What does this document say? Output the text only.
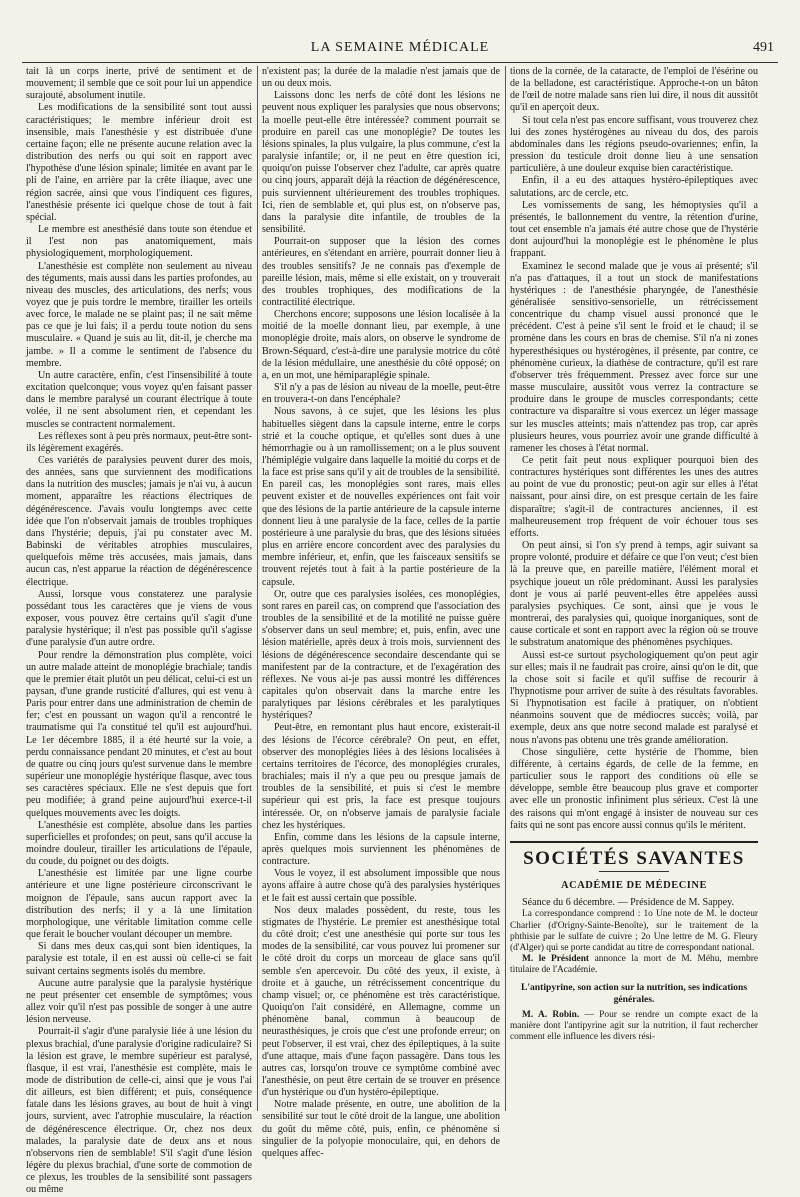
LA SEMAINE MÉDICALE	491

tait là un corps inerte, privé de sentiment et de mouvement; il semble que ce soit pour lui un appendice surajouté, absolument inutile.

Les modifications de la sensibilité sont tout aussi caractéristiques; le membre inférieur droit est insensible, mais l'anesthésie y est distribuée d'une certaine façon; elle ne présente aucune relation avec la distribution des nerfs ou qui soit en rapport avec l'hypothèse d'une lésion spinale; limitée en avant par le pli de l'aine, en arrière par la crête iliaque, avec une région sacrée, ainsi que vous l'indiquent ces figures, l'anesthésie présente ici quelque chose de tout à fait spécial.

Le membre est anesthésié dans toute son étendue et il l'est non pas anatomiquement, mais physiologiquement, morphologiquement.

L'anesthésie est complète non seulement au niveau des téguments, mais aussi dans les parties profondes, au niveau des muscles, des articulations, des nerfs; vous voyez que je puis tordre le membre, tirailler les orteils avec force, le malade ne se plaint pas; il ne sait même pas ce que je lui fais; il a perdu toute notion du sens musculaire. « Quand je suis au lit, dit-il, je cherche ma jambe. » Il a comme le sentiment de l'absence du membre.

Un autre caractère, enfin, c'est l'insensibilité à toute excitation quelconque; vous voyez qu'en faisant passer dans le membre paralysé un courant électrique à toute volée, il ne sent absolument rien, et cependant les muscles se contractent normalement.

Les réflexes sont à peu près normaux, peut-être sont-ils légèrement exagérés.

Ces variétés de paralysies peuvent durer des mois, des années, sans que surviennent des modifications dans la nutrition des muscles; jamais je n'ai vu, à aucun moment, apparaître les réactions électriques de dégénérescence. J'avais voulu longtemps avec cette idée que l'on n'observait jamais de troubles trophiques dans l'hystérie; depuis, j'ai pu constater avec M. Babinski de véritables atrophies musculaires, quelquefois même très accusées, mais jamais, dans aucun cas, n'est apparue la réaction de dégénérescence électrique.

Aussi, lorsque vous constaterez une paralysie possédant tous les caractères que je viens de vous exposer, vous pouvez être certains qu'il s'agit d'une paralysie hystérique; il n'est pas possible qu'il s'agisse d'une paralysie d'un autre ordre.

Pour rendre la démonstration plus complète, voici un autre malade atteint de monoplégie brachiale; tandis que le premier était plutôt un peu délicat, celui-ci est un paysan, d'une grande rusticité d'allures, qui est venu à Paris pour entrer dans une administration de chemin de fer; c'est en poussant un wagon qu'il a rencontré le traumatisme qui l'a constitué tel qu'il est aujourd'hui. Le 1er décembre 1885, il a été heurté sur la voie, a perdu connaissance pendant 20 minutes, et c'est au bout de quatre ou cinq jours qu'est survenue dans le membre supérieur une monoplégie hystérique flasque, avec tous ses caractères spéciaux. Elle ne s'est depuis que fort peu modifiée; à grand peine aujourd'hui exerce-t-il quelques mouvements avec les doigts.

L'anesthésie est complète, absolue dans les parties superficielles et profondes; on peut, sans qu'il accuse la moindre douleur, tirailler les articulations de l'épaule, du coude, du poignet ou des doigts.

L'anesthésie est limitée par une ligne courbe antérieure et une ligne postérieure circonscrivant le moignon de l'épaule, sans aucun rapport avec la distribution des nerfs; il y a là une limitation morphologique, une véritable limitation comme celle que ferait le boucher voulant découper un membre.

Si dans mes deux cas,qui sont bien identiques, la paralysie est totale, il en est aussi où celle-ci se fait suivant certains segments isolés du membre.

Aucune autre paralysie que la paralysie hystérique ne peut présenter cet ensemble de symptômes; vous allez voir qu'il n'est pas possible de songer à une autre lésion nerveuse.

Pourrait-il s'agir d'une paralysie liée à une lésion du plexus brachial, d'une paralysie d'origine radiculaire? Si la lésion est grave, le membre supérieur est paralysé, flasque, il est vrai, l'anesthésie est complète, mais le mode de distribution de celle-ci, ainsi que je vous l'ai dit ailleurs, est bien différent; et puis, conséquence fatale dans les lésions graves, au bout de huit à vingt jours, survient, avec l'atrophie musculaire, la réaction de dégénérescence électrique. Or, chez nos deux malades, la paralysie date de deux ans et nous n'observons rien de semblable! S'il s'agit d'une lésion légère du plexus brachial, d'une sorte de commotion de ce plexus, les troubles de la sensibilité sont passagers ou même

n'existent pas; la durée de la maladie n'est jamais que de un ou deux mois.

Laissons donc les nerfs de côté dont les lésions ne peuvent nous expliquer les paralysies que nous observons; la moelle peut-elle être intéressée? comment pourrait se produire en pareil cas une monoplégie? De toutes les lésions spinales, la plus vulgaire, la plus commune, c'est la paralysie infantile; or, il ne peut en être question ici, quoiqu'on puisse l'observer chez l'adulte, car après quatre ou cinq jours, apparaît déjà la réaction de dégénérescence, puis surviennent ultérieurement des troubles trophiques. Ici, rien de semblable et, qui plus est, on n'observe pas, dans la paralysie dite infantile, de troubles de la sensibilité.

Pourrait-on supposer que la lésion des cornes antérieures, en s'étendant en arrière, pourrait donner lieu à des troubles sensitifs? Je ne connais pas d'exemple de pareille lésion, mais, même si elle existait, on y trouverait des troubles trophiques, des modifications de la contractilité électrique.

Cherchons encore; supposons une lésion localisée à la moitié de la moelle donnant lieu, par exemple, à une monoplégie droite, mais alors, on observe le syndrome de Brown-Séquard, c'est-à-dire une paralysie motrice du côté de la lésion médullaire, une anesthésie du côté opposé; on a, en un mot, une hémiparaplégie spinale.

S'il n'y a pas de lésion au niveau de la moelle, peut-être en trouvera-t-on dans l'encéphale?

Nous savons, à ce sujet, que les lésions les plus habituelles siègent dans la capsule interne, entre le corps strié et la couche optique, et qu'elles sont dues à une hémorrhagie ou à un ramollissement; on a le plus souvent l'hémiplégie vulgaire dans laquelle la moitié du corps et de la face est prise sans qu'il y ait de troubles de la sensibilité. En pareil cas, les monoplégies sont rares, mais elles peuvent exister et de nouvelles expériences ont fait voir que des lésions de la partie antérieure de la capsule interne donnent lieu à une paralysie de la face, celles de la partie postérieure à une paralysie du bras, que des lésions situées plus en arrière encore concordent avec des paralysies du membre inférieur, et, enfin, que les faisceaux sensitifs se trouvent rejetés tout à fait à la partie postérieure de la capsule.

Or, outre que ces paralysies isolées, ces monoplégies, sont rares en pareil cas, on comprend que l'association des troubles de la sensibilité et de la motilité ne puisse guère s'observer dans un seul membre; et, puis, enfin, avec une lésion matérielle, après deux à trois mois, surviennent des lésions de dégénérescence secondaire descendante qui se manifestent par de la contracture, et de l'exagération des réflexes. Ne vous ai-je pas aussi montré les différences capitales qu'on observait dans la marche entre les paralytiques par lésions cérébrales et les paralytiques hystériques?

Peut-être, en remontant plus haut encore, existerait-il des lésions de l'écorce cérébrale? On peut, en effet, observer des monoplégies liées à des lésions localisées à certains territoires de l'écorce, des monoplégies crurales, brachiales; mais il n'y a que peu ou presque jamais de troubles de la sensibilité, et puis si c'est le membre supérieur qui est pris, la face est presque toujours intéressée. Or, on n'observe jamais de paralysie faciale chez les hystériques.

Enfin, comme dans les lésions de la capsule interne, après quelques mois surviennent les phénomènes de contracture.

Vous le voyez, il est absolument impossible que nous ayons affaire à autre chose qu'à des paralysies hystériques et le fait est aussi certain que possible.

Nos deux malades possèdent, du reste, tous les stigmates de l'hystérie. Le premier est anesthésique total du côté droit; c'est une anesthésie qui porte sur tous les modes de la sensibilité, car vous pouvez lui promener sur le côté droit du corps un morceau de glace sans qu'il semble s'en apercevoir. Du côté des yeux, il existe, à droite et à gauche, un rétrécissement concentrique du champ visuel; or, ce phénomène est très caractéristique. Quoiqu'on l'ait considéré, en Allemagne, comme un phénomène banal, commun à beaucoup de neurasthésiques, je crois que c'est une profonde erreur; on peut l'observer, il est vrai, chez des épileptiques, à la suite d'une attaque, mais d'une façon passagère. Dans tous les autres cas, lorsqu'on trouve ce symptôme combiné avec l'anesthésie, on peut être certain de se trouver en présence d'un hystérique ou d'un hystéro-épileptique.

Notre malade présente, en outre, une abolition de la sensibilité sur tout le côté droit de la langue, une abolition du goût du même côté, puis, enfin, ce phénomène si singulier de la polyopie monoculaire, qui, en dehors de quelques affec-

tions de la cornée, de la cataracte, de l'emploi de l'ésérine ou de la belladone, est caractéristique. Approche-t-on un bâton de l'œil de notre malade sans rien lui dire, il nous dit aussitôt qu'il en aperçoit deux.

Si tout cela n'est pas encore suffisant, vous trouverez chez lui des zones hystérogènes au niveau du dos, des parois abdominales dans les régions pseudo-ovariennes; enfin, la pression du testicule droit donne lieu à une sensation particulière, à une douleur exquise bien caractéristique.

Enfin, il a eu des attaques hystéro-épileptiques avec salutations, arc de cercle, etc.

Les vomissements de sang, les hémoptysies qu'il a présentés, le ballonnement du ventre, la rétention d'urine, tout cet ensemble n'a jamais été autre chose que de l'hystérie dont aujourd'hui la monoplégie est le phénomène le plus frappant.

Examinez le second malade que je vous ai présenté; s'il n'a pas d'attaques, il a tout un stock de manifestations hystériques : de l'anesthésie pharyngée, de l'anesthésie généralisée sensitivo-sensorielle, un rétrécissement concentrique du champ visuel aussi prononcé que le précédent. C'est à peine s'il sent le froid et le chaud; il se promène dans les cours en bras de chemise. S'il n'a ni zones hyperesthésiques ou hystérogènes, il présente, par contre, ce phénomène curieux, la diathèse de contracture, qu'il est rare d'observer très fréquemment. Pressez avec force sur une masse musculaire, aussitôt vous verrez la contracture se produire dans le groupe de muscles correspondants; cette contracture va disparaître si vous exercez un léger massage sur les muscles atteints; mais n'attendez pas trop, car après plusieurs heures, vous pourriez avoir une grande difficulté à ramener les choses à l'état normal.

Ce petit fait peut nous expliquer pourquoi bien des contractures hystériques sont différentes les unes des autres au point de vue du pronostic; peut-on agir sur elles à l'état naissant, pour ainsi dire, on est presque certain de les faire disparaître; s'agit-il de contractures anciennes, il est malheureusement trop fréquent de voir échouer tous ses efforts.

On peut ainsi, si l'on s'y prend à temps, agir suivant sa propre volonté, produire et défaire ce que l'on veut; c'est bien là la preuve que, en pareille matière, l'élément moral et psychique joueut un rôle prédominant. Aussi les paralysies dont je vous ai parlé peuvent-elles être appelées aussi paralysies psychiques. Ce sont, ainsi que je vous le montrerai, des paralysies qui, quoique inorganiques, sont de cause corticale et sont en rapport avec la région où se trouve le substratum anatomique des phénomènes psychiques.

Aussi est-ce surtout psychologiquement qu'on peut agir sur elles; mais il ne faudrait pas croire, ainsi qu'on le dit, que la chose soit si facile et qu'il suffise de recourir à l'hypnotisme pour arriver de suite à des résultats favorables. Si l'hypnotisation est facile à pratiquer, on n'obtient néanmoins souvent que de médiocres succès; voilà, par exemple, deux ans que notre second malade est paralysé et nous n'avons pas obtenu une très grande amélioration.

Chose singulière, cette hystérie de l'homme, bien différente, à certains égards, de celle de la femme, en particulier sous le rapport des conditions où elle se développe, semble être beaucoup plus grave et comporter avec elle un pronostic infiniment plus sérieux. C'est là une des raisons qui m'ont engagé à insister de nouveau sur ces faits qui ne sont pas encore aussi connus qu'ils le méritent.

SOCIÉTÉS SAVANTES
ACADÉMIE DE MÉDECINE

Séance du 6 décembre. — Présidence de M. Sappey.

La correspondance comprend : 1o Une note de M. le docteur Charlier (d'Origny-Sainte-Benoîte), sur le traitement de la phthisie par le sulfate de cuivre ; 2o Une lettre de M. G. Fleury (d'Alger) qui se porte candidat au titre de correspondant national.

M. le Président annonce la mort de M. Méhu, membre titulaire de l'Académie.

L'antipyrine, son action sur la nutrition, ses indications générales.

M. A. Robin. — Pour se rendre un compte exact de la manière dont l'antipyrine agit sur la nutrition, il faut rechercher comment elle influence les divers rési-
